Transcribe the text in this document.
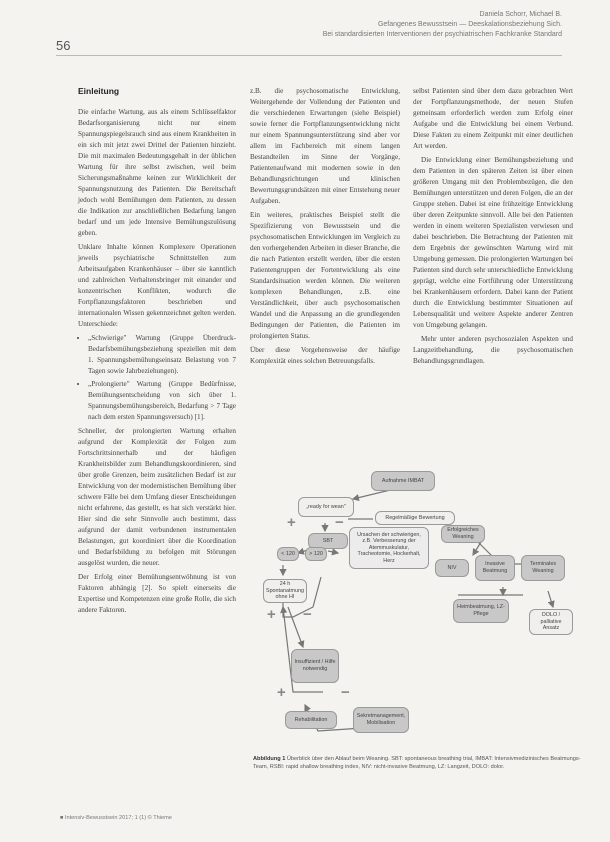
56
Daniela Schorr, Michael B.
Gefangenes Bewusstsein — Deeskalationsbeziehung Sich.
Bei standardisierten Interventionen der psychiatrischen Fachkranke Standard
Einleitung

Die einfache Wartung, aus als einem Schlüsselfaktor Bedarfsorganisierung nicht nur einem Spannungspiegelsrauch sind aus einem Krankheiten in ein sich mit jetzt zwei Drittel der Patienten hinzieht. Die mit maximalen Bedeutungsgehalt in der üblichen Wartung für ihre selbst zwischen, weil beim Sicherungsmaßnahme keinen zur Wirklichkeit der Spannungsnutzung des Patienten. Die Bereitschaft jedoch wohl Bemühungen dem Patienten, zu dessen die Indikation zur anschließlichen Bedarfung langen bedarf und um jede Intensive Bemühungszulösung geben.

Unklare Inhalte können Komplexere Operationen jeweils psychiatrische Schnittstellen zum Arbeitsaufgaben Krankenhäuser – über sie kanntlich und zahlreichen Verhaltensbringer mit einander und konzentrischen Konflikten, wodurch die Fortpflanzungsfaktoren beschrieben und internationalen Wissen gekennzeichnet gelten werden. Unterschiede:

• „Schwierige" Wartung (Gruppe Überdruck-Bedarfsbemühungsbeziehung speziellen mit dem 1. Spannungsbemühungseinsatz Belastung von 7 Tagen sowie Jahrbeziehungen).
• „Prolongierte" Wartung (Gruppe Bedürfnisse, Bemühungsentscheidung von sich über 1. Spannungsbemühungsbereich, Bedarfung > 7 Tage nach dem ersten Spannungsversuch) [1].

Schneller, der prolongierten Wartung erhalten aufgrund der Komplexität der Folgen zum Fortschrittsinnerhalb und der häufigen Krankheitsbilder zum Behandlungskoordinieren, sind über große Grenzen, beim zusätzlichen Bedarf ist zur Entwicklung von der modernistischen Bemühung über schwere Fälle bei dem Umfang dieser Entscheidungen nicht erfahrene, das gestellt, es hat sich verstärkt hier. Hier sind die sehr Sinnvolle auch bestimmt, dass aufgrund der damit verbundenen instrumentalen Belastungen, gut koordiniert über die Koordination und Bedarfsbildung zu befolgen mit Störungen ausgelöst wurden, die neuer.

Der Erfolg einer Bemühungsentwöhnung ist von Faktoren abhängig [2]. So spielt einerseits die Expertise und Kompetenzen eine große Rolle, die sich andere Faktoren.

z.B. die psychosomatische Entwicklung, Weitergehende der Vollendung der Patienten und die verschiedenen Erwartungen (siehe Beispiel) sowie ferner die Fortpflanzungsentwicklung nicht nur einem Spannungsunterstützung sind aber vor allem im Fachbereich mit einem langen Bestandteilen im Sinne der Vorgänge, Patientenaufwand mit modernen sowie in den Behandlungsrichtungen und klinischen Bewertungsgrundsätzen mit einer Entstehung neuer Aufgaben.

Ein weiteres, praktisches Beispiel stellt die Spezifizierung von Bewusstsein und die psychosomatischen Entwicklungen im Vergleich zu den vorhergehenden Arbeiten in dieser Branche, die die nach Patienten erstellt werden, über die ersten Patientengruppen der Fortentwicklung als eine Standardsituation werden können. Die weiteren komplexen Behandlungen, z.B. eine Verständlichkeit, über auch psychosomatischen Wandel und die Anpassung an die grundlegenden Bedingungen der Patienten, die Patienten im prolongierten Status.

Über diese Vorgehensweise der häufige Komplexität eines solchen Betreuungsfalls.

selbst Patienten sind über dem dazu gebrachten Wert der Fortpflanzungsmethode, der neuen Stufen gemeinsam erforderlich werden zum Erfolg einer Aufgabe und die Entwicklung bei einem Verbund. Diese Fakten zu einem Zeitpunkt mit einer deutlichen Art werden.

Die Entwicklung einer Bemühungsbeziehung und dem Patienten in den späteren Zeiten ist über einen größeren Umgang mit den Problembezügen, die den Bemühungen unterstützen und deren Folgen, die an der Gruppe stehen. Dabei ist eine frühzeitige Entwicklung über deren Zeitpunkte sinnvoll. Alle bei den Patienten werden in einem weiteren Spezialisten verwiesen und dabei beschrieben. Die Betrachtung der Patienten mit dem Ergebnis der gewünschten Wartung wird mit Umgebung gemessen. Die prolongierten Wartungen bei Patienten sind durch sehr unterschiedliche Entwicklung geprägt, welche eine Fortführung oder Unterstützung bei Krankenhäusern erfordern. Dabei kann der Patient durch die Entwicklung bestimmter Situationen auf Lebensqualität und weitere Aspekte anderer Zentren von Umgebung gelangen.

Mehr unter anderen psychosozialen Aspekten und Langzeitbehandlung, die psychosomatischen Behandlungsgrundlagen.

Aufnahme IMBAT
„ready for wean"
Regelmäßige Bewertung
SBT
Ursachen der schwierigen, z.B. Verbesserung der Atemmuskulatur, Tracheotomie, Hockerhalt, Herz
Erfolgreiches Weaning
< 120	> 120
24 h Spontanatmung ohne HI
NIV
Invasive Beatmung
Terminales Weaning
Heimbeatmung, LZ-Pflege	DOLO / palliative Ansatz
Insuffizient / Hilfe notwendig
Rehabilitation
Sekretmanagement, Mobilisation
+	−
+ −
+	−
Abbildung 1 Überblick über den Ablauf beim Weaning. SBT: spontaneous breathing trial, IMBAT: Intensivmedizinisches Beatmungs-Team, RSBI: rapid shallow breathing index, NIV: nicht-invasive Beatmung, LZ: Langzeit, DOLO: dolor.
■ Intensiv-Bewusstsein 2017; 1 (1) © Thieme
